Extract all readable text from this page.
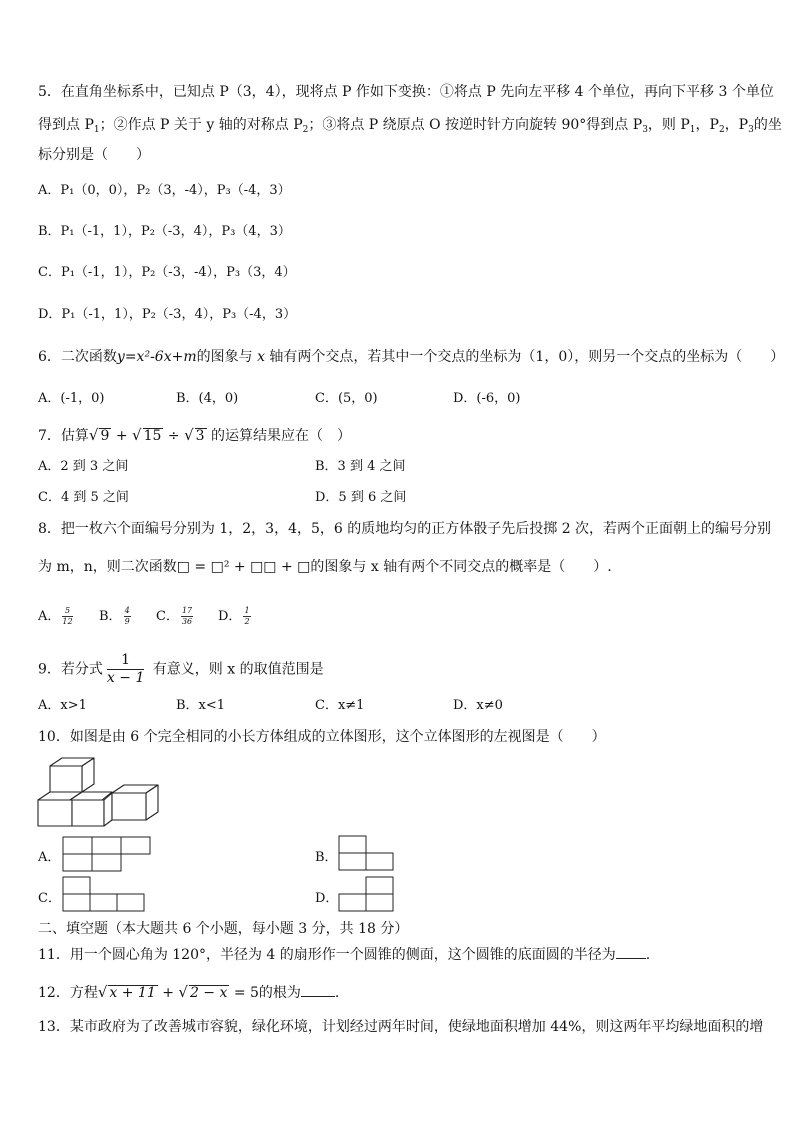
5．在直角坐标系中，已知点 P（3，4），现将点 P 作如下变换：①将点 P 先向左平移 4 个单位，再向下平移 3 个单位
得到点 $P_1$；②作点 P 关于 y 轴的对称点 $P_2$；③将点 P 绕原点 O 按逆时针方向旋转 90°得到点 $P_3$，则 $P_1$，$P_2$，$P_3$的坐
标分别是（　　）
A．P₁（0，0），P₂（3，-4），P₃（-4，3）
B．P₁（-1，1），P₂（-3，4），P₃（4，3）
C．P₁（-1，1），P₂（-3，-4），P₃（3，4）
D．P₁（-1，1），P₂（-3，4），P₃（-4，3）
6．二次函数y=x²-6x+m的图象与 x 轴有两个交点，若其中一个交点的坐标为（1，0），则另一个交点的坐标为（　　）
A．(-1，0)	B．(4，0)	C．(5，0)	D．(-6，0)
7．估算√ 9 + √ 15 ÷ √ 3 的运算结果应在（　）
A．2 到 3 之间	B．3 到 4 之间
C．4 到 5 之间	D．5 到 6 之间
8．把一枚六个面编号分别为 1，2，3，4，5，6 的质地均匀的正方体骰子先后投掷 2 次，若两个正面朝上的编号分别
为 m，n，则二次函数□ = □² + □□ + □的图象与 x 轴有两个不同交点的概率是（　　）.
A． $\frac{5}{12}$ B． $\frac{4}{9}$ C． $\frac{17}{36}$ D． $\frac{1}{2}$
9．若分式 $\frac{1}{x - 1}$ 有意义，则 x 的取值范围是
A．x>1	B．x<1	C．x≠1	D．x≠0
10．如图是由 6 个完全相同的小长方体组成的立体图形，这个立体图形的左视图是（　　）
A．	B．
C．	D．
二、填空题（本大题共 6 个小题，每小题 3 分，共 18 分）
11．用一个圆心角为 120°，半径为 4 的扇形作一个圆锥的侧面，这个圆锥的底面圆的半径为 .
12．方程√ x + 11 + √ 2 − x = 5的根为 .
13．某市政府为了改善城市容貌，绿化环境，计划经过两年时间，使绿地面积增加 44%，则这两年平均绿地面积的增
